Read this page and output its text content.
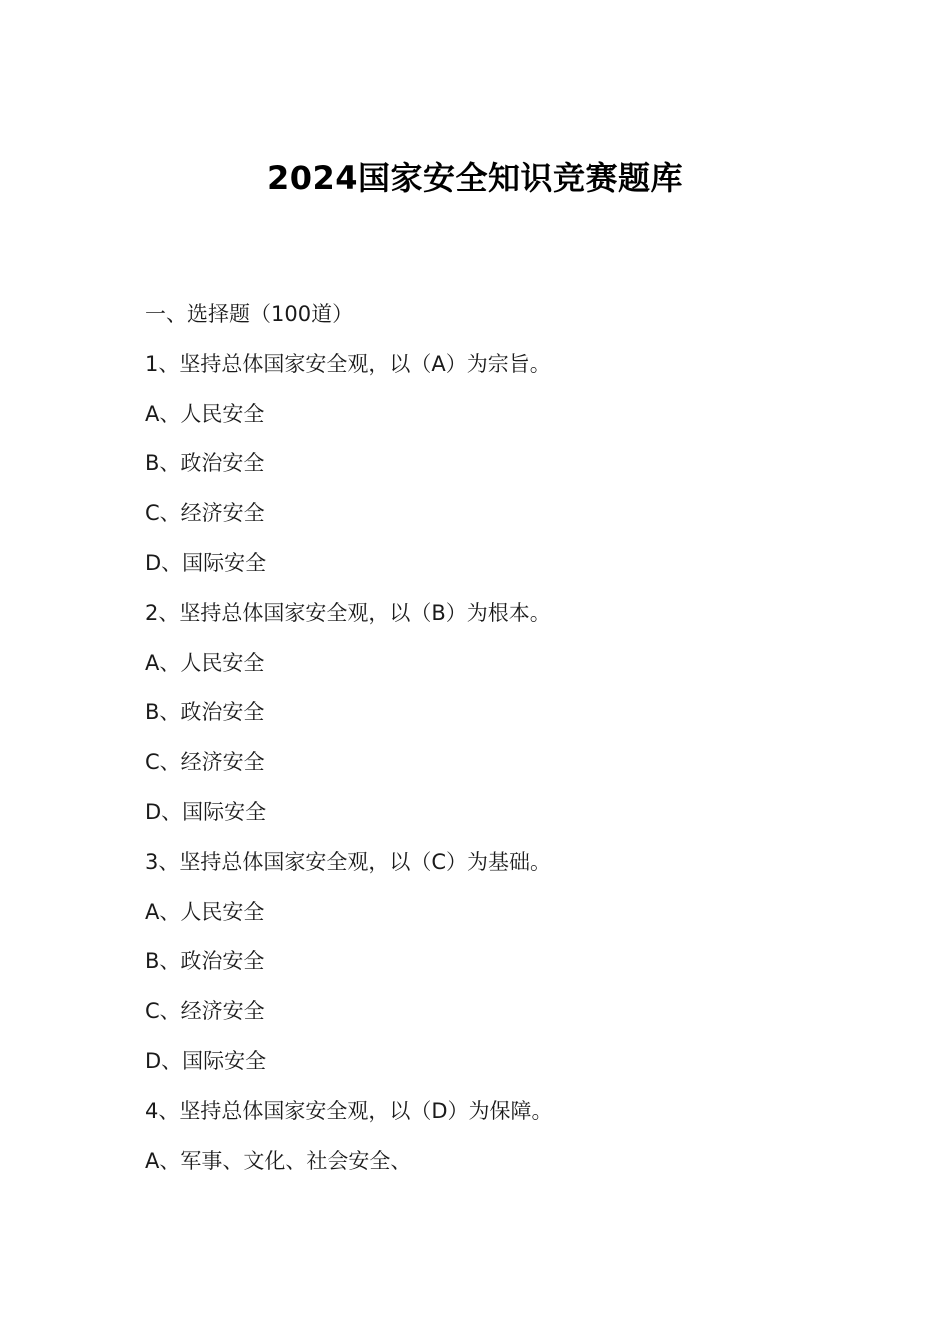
2024国家安全知识竞赛题库
一、选择题（100道）
1、坚持总体国家安全观，以（A）为宗旨。
A、人民安全
B、政治安全
C、经济安全
D、国际安全
2、坚持总体国家安全观，以（B）为根本。
A、人民安全
B、政治安全
C、经济安全
D、国际安全
3、坚持总体国家安全观，以（C）为基础。
A、人民安全
B、政治安全
C、经济安全
D、国际安全
4、坚持总体国家安全观，以（D）为保障。
A、军事、文化、社会安全、
